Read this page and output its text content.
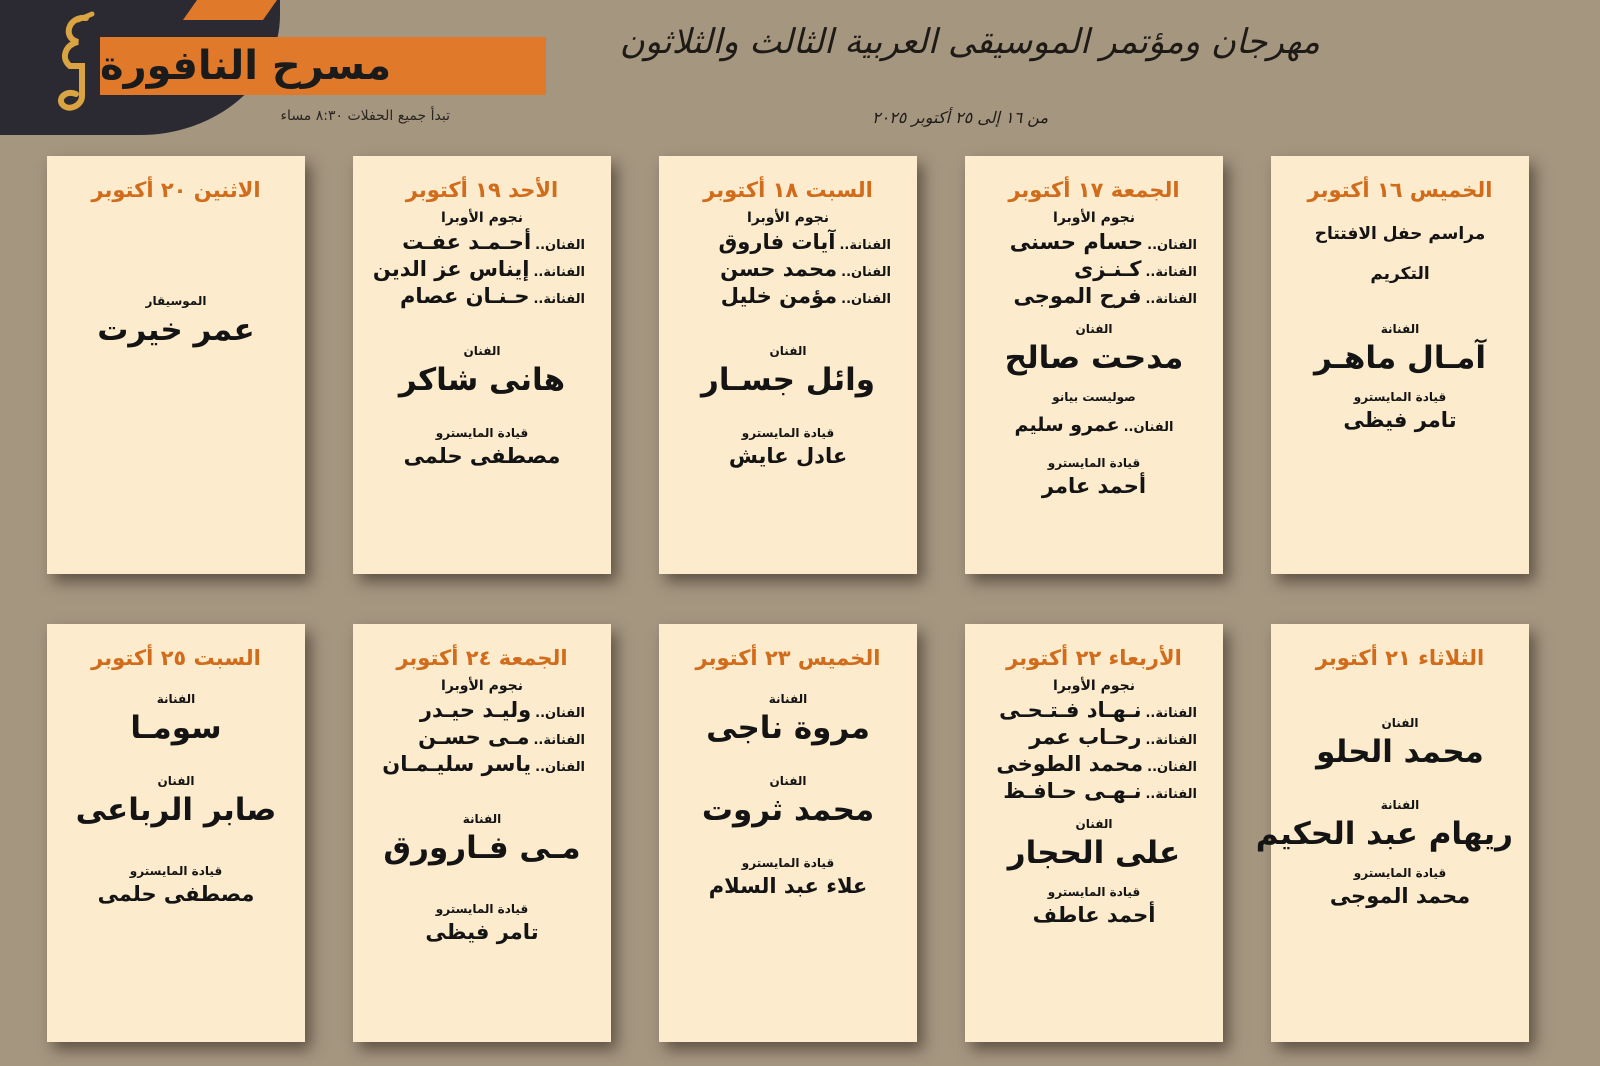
مسرح النافورة
تبدأ جميع الحفلات ٨:٣٠ مساء
مهرجان ومؤتمر الموسيقى العربية الثالث والثلاثون
من ١٦ إلى ٢٥ أكتوبر ٢٠٢٥
الخميس ١٦ أكتوبر
مراسم حفل الافتتاح
التكريم
الفنانة
آمـال ماهـر
قيادة المايسترو
تامر فيظى
الجمعة ١٧ أكتوبر
نجوم الأوبرا
الفنان..
حسام حسنى
الفنانة..
كـنـزى
الفنانة..
فرح الموجى
الفنان
مدحت صالح
صوليست بيانو
الفنان..
عمرو سليم
قيادة المايسترو
أحمد عامر
السبت ١٨ أكتوبر
نجوم الأوبرا
الفنانة..
آيات فاروق
الفنان..
محمد حسن
الفنان..
مؤمن خليل
الفنان
وائل جسـار
قيادة المايسترو
عادل عايش
الأحد ١٩ أكتوبر
نجوم الأوبرا
الفنان..
أحـمـد عفـت
الفنانة..
إيناس عز الدين
الفنانة..
حـنـان عصام
الفنان
هانى شاكر
قيادة المايسترو
مصطفى حلمى
الاثنين ٢٠ أكتوبر
الموسيقار
عمر خيرت
الثلاثاء ٢١ أكتوبر
الفنان
محمد الحلو
الفنانة
ريهام عبد الحكيم
قيادة المايسترو
محمد الموجى
الأربعاء ٢٢ أكتوبر
نجوم الأوبرا
الفنانة..
نـهـاد فـتـحـى
الفنانة..
رحـاب عمر
الفنان..
محمد الطوخى
الفنانة..
نـهـى حـافـظ
الفنان
على الحجار
قيادة المايسترو
أحمد عاطف
الخميس ٢٣ أكتوبر
الفنانة
مروة ناجى
الفنان
محمد ثروت
قيادة المايسترو
علاء عبد السلام
الجمعة ٢٤ أكتوبر
نجوم الأوبرا
الفنان..
وليـد حيـدر
الفنانة..
مـى حسـن
الفنان..
ياسر سليـمـان
الفنانة
مـى فـارورق
قيادة المايسترو
تامر فيظى
السبت ٢٥ أكتوبر
الفنانة
سومـا
الفنان
صابر الرباعى
قيادة المايسترو
مصطفى حلمى
